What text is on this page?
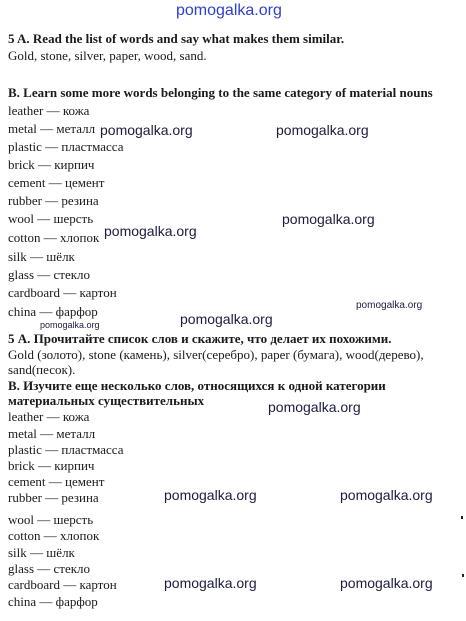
pomogalka.org
5 A. Read the list of words and say what makes them similar.
Gold, stone, silver, paper, wood, sand.
B. Learn some more words belonging to the same category of material nouns
leather — кожа
metal — металл
plastic — пластмасса
brick — кирпич
cement — цемент
rubber — резина
wool — шерсть
cotton — хлопок
silk — шёлк
glass — стекло
cardboard — картон
china — фарфор
5 А. Прочитайте список слов и скажите, что делает их похожими.
Gold (золото), stone (камень), silver(серебро), paper (бумага), wood(дерево),
sand(песок).
В. Изучите еще несколько слов, относящихся к одной категории
материальных существительных
leather — кожа
metal — металл
plastic — пластмасса
brick — кирпич
cement — цемент
rubber — резина
wool — шерсть
cotton — хлопок
silk — шёлк
glass — стекло
cardboard — картон
china — фарфор
pomogalka.org	pomogalka.org
pomogalka.org
pomogalka.org
pomogalka.org
pomogalka.org
pomogalka.org
pomogalka.org
pomogalka.org	pomogalka.org
pomogalka.org	pomogalka.org
